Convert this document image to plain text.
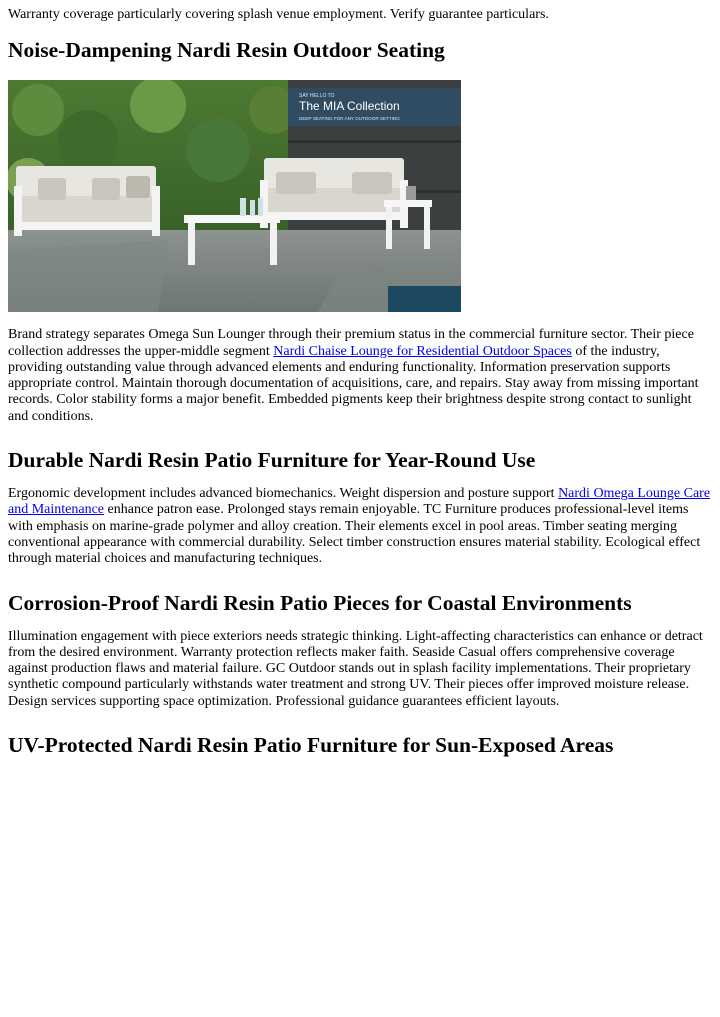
Warranty coverage particularly covering splash venue employment. Verify guarantee particulars.

Noise-Dampening Nardi Resin Outdoor Seating
SAY HELLO TO
The MIA Collection
DEEP SEATING FOR ANY OUTDOOR SETTING

Brand strategy separates Omega Sun Lounger through their premium status in the commercial furniture sector. Their piece collection addresses the upper-middle segment Nardi Chaise Lounge for Residential Outdoor Spaces of the industry, providing outstanding value through advanced elements and enduring functionality. Information preservation supports appropriate control. Maintain thorough documentation of acquisitions, care, and repairs. Stay away from missing important records. Color stability forms a major benefit. Embedded pigments keep their brightness despite strong contact to sunlight and conditions.

Durable Nardi Resin Patio Furniture for Year-Round Use

Ergonomic development includes advanced biomechanics. Weight dispersion and posture support Nardi Omega Lounge Care and Maintenance enhance patron ease. Prolonged stays remain enjoyable. TC Furniture produces professional-level items with emphasis on marine-grade polymer and alloy creation. Their elements excel in pool areas. Timber seating merging conventional appearance with commercial durability. Select timber construction ensures material stability. Ecological effect through material choices and manufacturing techniques.

Corrosion-Proof Nardi Resin Patio Pieces for Coastal Environments

Illumination engagement with piece exteriors needs strategic thinking. Light-affecting characteristics can enhance or detract from the desired environment. Warranty protection reflects maker faith. Seaside Casual offers comprehensive coverage against production flaws and material failure. GC Outdoor stands out in splash facility implementations. Their proprietary synthetic compound particularly withstands water treatment and strong UV. Their pieces offer improved moisture release. Design services supporting space optimization. Professional guidance guarantees efficient layouts.

UV-Protected Nardi Resin Patio Furniture for Sun-Exposed Areas
